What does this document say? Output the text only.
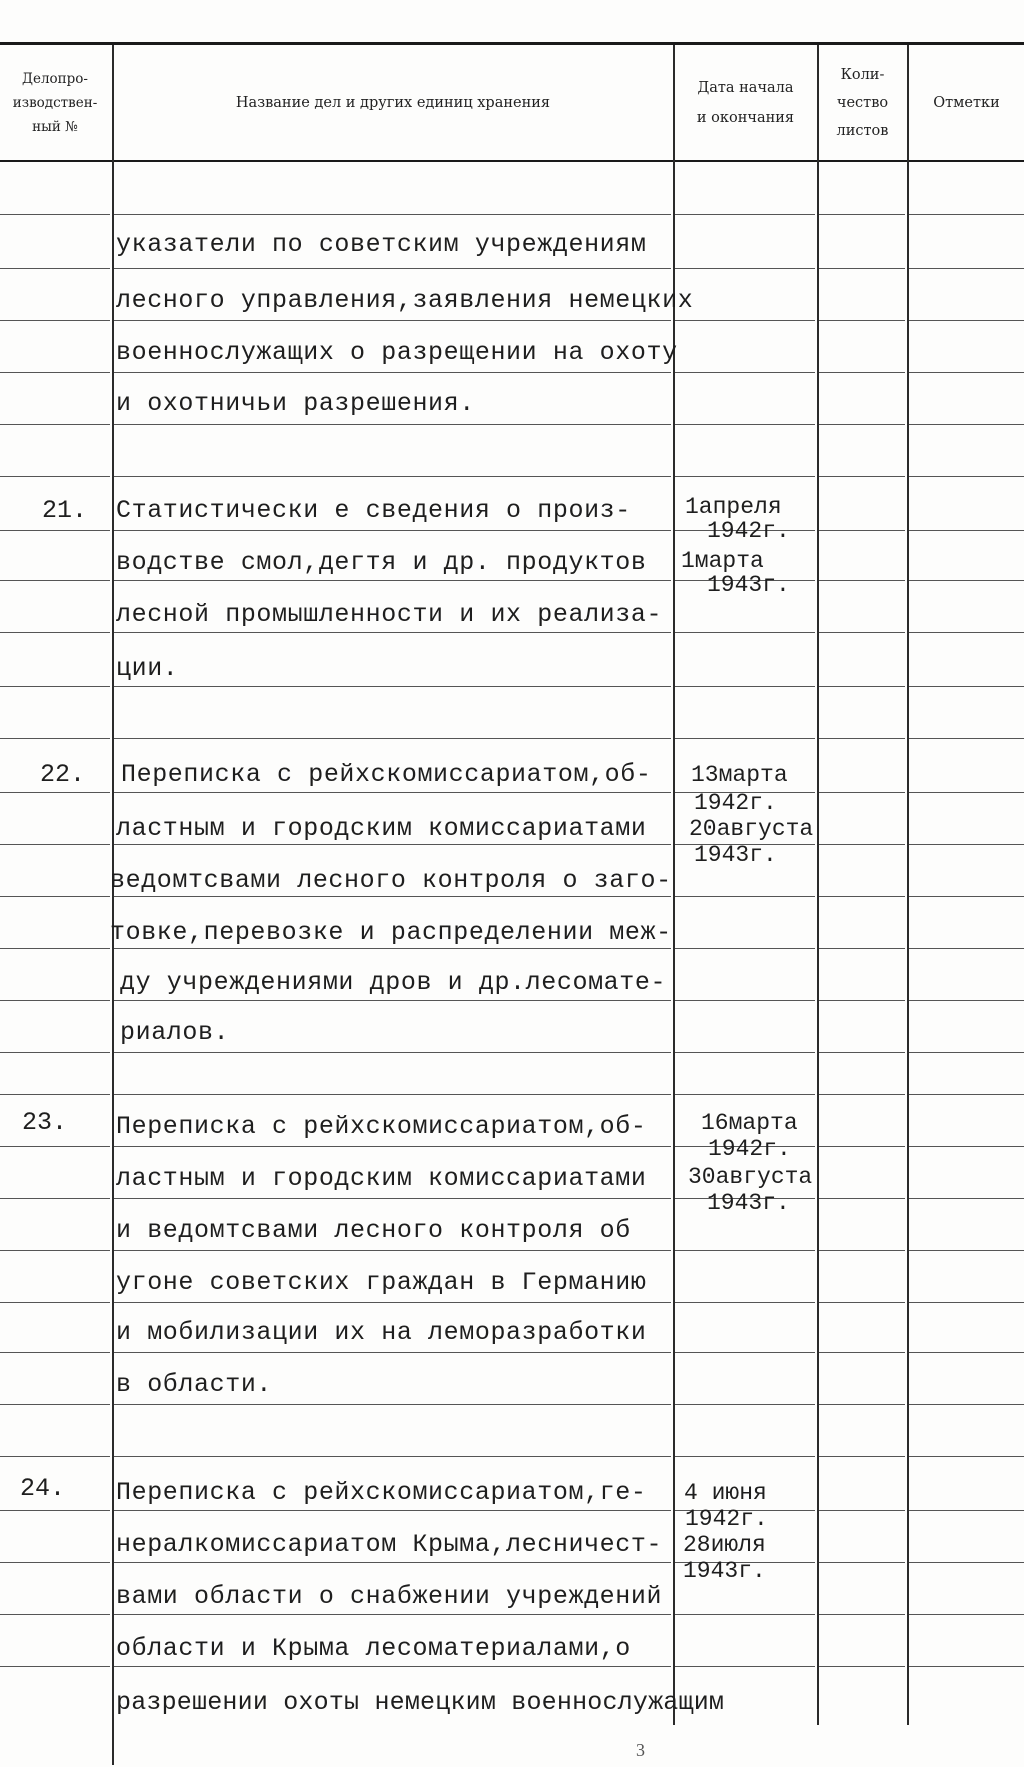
Делопро-
изводствен-
ный №
Название дел и других единиц хранения
Дата начала
и окончания
Коли-
чество
листов
Отметки
указатели по советским учреждениям
лесного управления,заявления немецких
военнослужащих о разрещении на охоту
и охотничьи разрешения.
21. Статистически е сведения о произ-
водстве смол,дегтя и др. продуктов
лесной промышленности и их реализа-
ции.
1апреля
1942г.
1марта
1943г.
22. Переписка с рейхскомиссариатом,об-
ластным и городским комиссариатами
ведомтсвами лесного контроля о заго-
товке,перевозке и распределении меж-
ду учреждениями дров и др.лесомате-
риалов.
13марта
1942г.
20августа
1943г.
23. Переписка с рейхскомиссариатом,об-
ластным и городским комиссариатами
и ведомтсвами лесного контроля об
угоне советских граждан в Германию
и мобилизации их на леморазработки
в области.
16марта
1942г.
30августа
1943г.
24. Переписка с рейхскомиссариатом,ге-
нералкомиссариатом Крыма,лесничест-
вами области о снабжении учреждений
области и Крыма лесоматериалами,о
разрешении охоты немецким военнослужащим
4 июня
1942г.
28июля
1943г.
3
